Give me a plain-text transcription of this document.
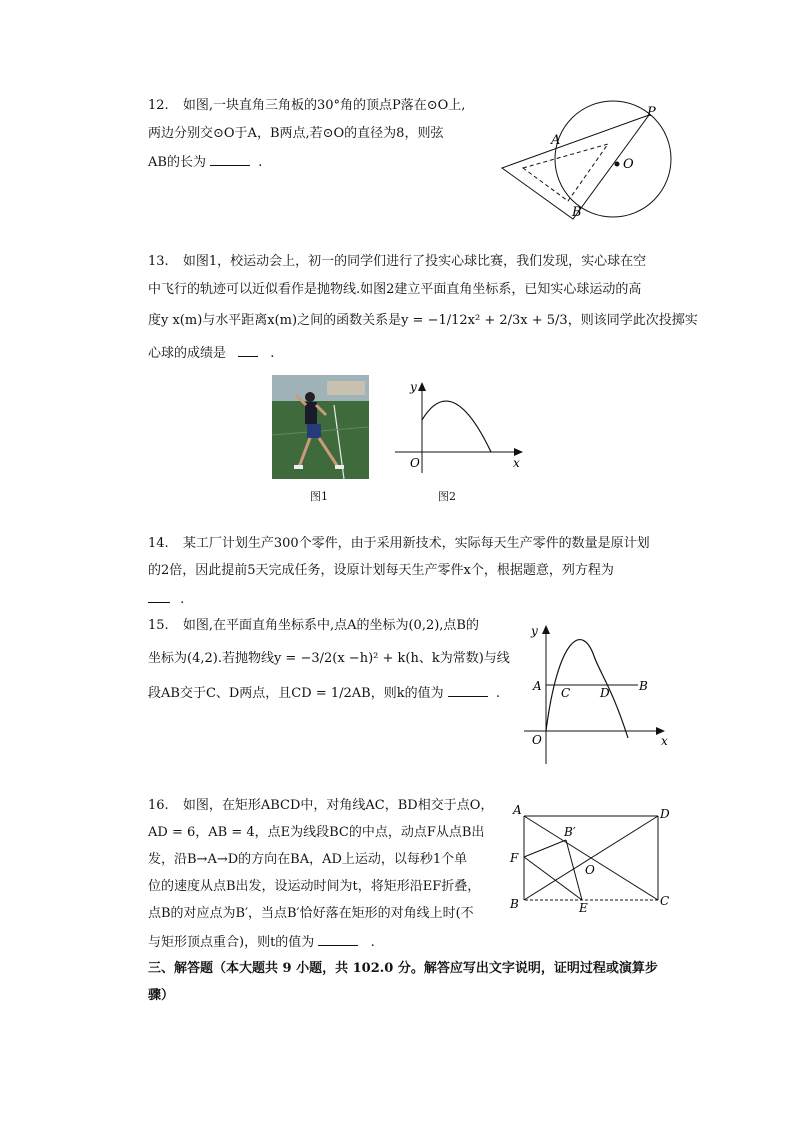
12. 如图,一块直角三角板的30°角的顶点P落在⊙O上,
两边分别交⊙O于A，B两点,若⊙O的直径为8，则弦
AB的长为	.
P
A
B
O
13. 如图1，校运动会上，初一的同学们进行了投实心球比赛，我们发现，实心球在空
中飞行的轨迹可以近似看作是抛物线.如图2建立平面直角坐标系，已知实心球运动的高
度y x(m)与水平距离x(m)之间的函数关系是y = −1/12x² + 2/3x + 5/3，则该同学此次投掷实
心球的成绩是	.
图1
y
x
O
图2
14. 某工厂计划生产300个零件，由于采用新技术，实际每天生产零件的数量是原计划
的2倍，因此提前5天完成任务，设原计划每天生产零件x个，根据题意，列方程为
.
15. 如图,在平面直角坐标系中,点A的坐标为(0,2),点B的
坐标为(4,2).若抛物线y = −3/2(x −h)² + k(h、k为常数)与线
段AB交于C、D两点，且CD = 1/2AB，则k的值为	.
y
x
O
A	B
C D
16. 如图，在矩形ABCD中，对角线AC，BD相交于点O，
AD = 6，AB = 4，点E为线段BC的中点，动点F从点B出
发，沿B→A→D的方向在BA，AD上运动，以每秒1个单
位的速度从点B出发，设运动时间为t，将矩形沿EF折叠，
点B的对应点为B′，当点B′恰好落在矩形的对角线上时(不
与矩形顶点重合)，则t的值为	.
A	D
C
B
F
E
O
B′
三、解答题（本大题共 9 小题，共 102.0 分。解答应写出文字说明，证明过程或演算步
骤）
